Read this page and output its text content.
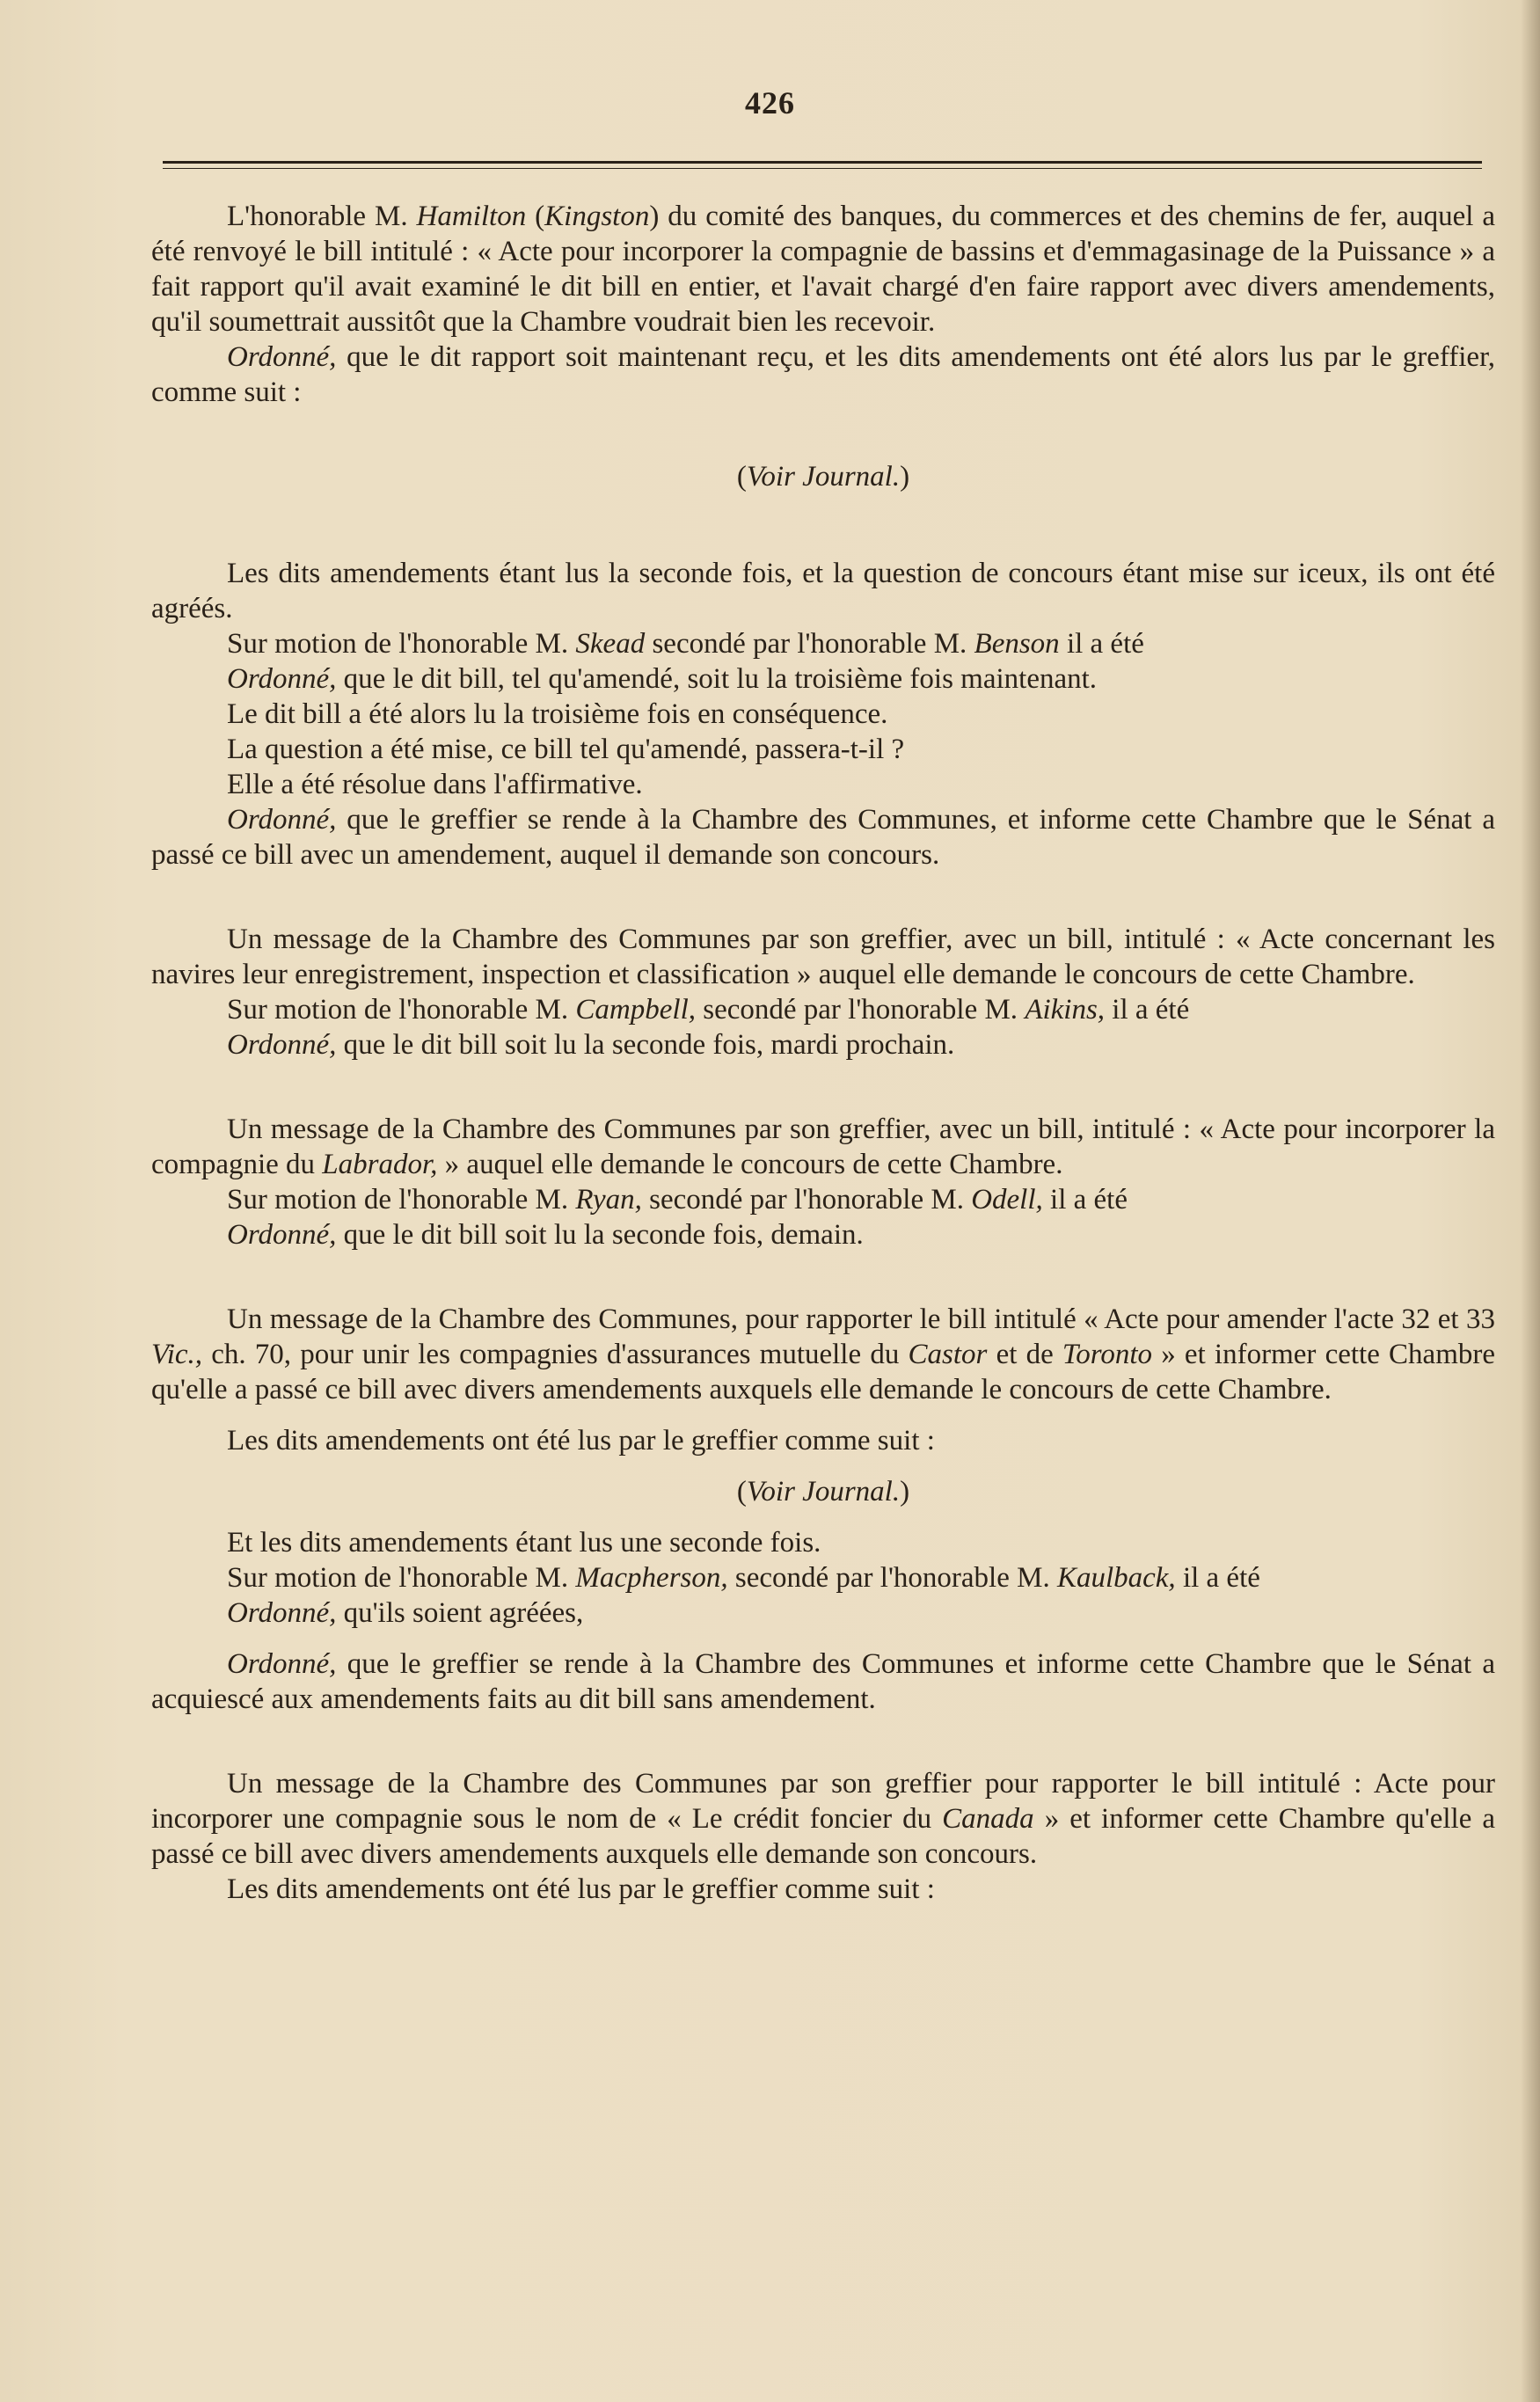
426

L'honorable M. Hamilton (Kingston) du comité des banques, du commerces et des chemins de fer, auquel a été renvoyé le bill intitulé : « Acte pour incorporer la compagnie de bassins et d'emmagasinage de la Puissance » a fait rapport qu'il avait examiné le dit bill en entier, et l'avait chargé d'en faire rapport avec divers amendements, qu'il soumettrait aussitôt que la Chambre voudrait bien les recevoir.

Ordonné, que le dit rapport soit maintenant reçu, et les dits amendements ont été alors lus par le greffier, comme suit :

(Voir Journal.)

Les dits amendements étant lus la seconde fois, et la question de concours étant mise sur iceux, ils ont été agréés.

Sur motion de l'honorable M. Skead secondé par l'honorable M. Benson il a été

Ordonné, que le dit bill, tel qu'amendé, soit lu la troisième fois maintenant.

Le dit bill a été alors lu la troisième fois en conséquence.

La question a été mise, ce bill tel qu'amendé, passera-t-il ?

Elle a été résolue dans l'affirmative.

Ordonné, que le greffier se rende à la Chambre des Communes, et informe cette Chambre que le Sénat a passé ce bill avec un amendement, auquel il demande son concours.

Un message de la Chambre des Communes par son greffier, avec un bill, intitulé : « Acte concernant les navires leur enregistrement, inspection et classification » auquel elle demande le concours de cette Chambre.

Sur motion de l'honorable M. Campbell, secondé par l'honorable M. Aikins, il a été

Ordonné, que le dit bill soit lu la seconde fois, mardi prochain.

Un message de la Chambre des Communes par son greffier, avec un bill, intitulé : « Acte pour incorporer la compagnie du Labrador, » auquel elle demande le concours de cette Chambre.

Sur motion de l'honorable M. Ryan, secondé par l'honorable M. Odell, il a été

Ordonné, que le dit bill soit lu la seconde fois, demain.

Un message de la Chambre des Communes, pour rapporter le bill intitulé « Acte pour amender l'acte 32 et 33 Vic., ch. 70, pour unir les compagnies d'assurances mutuelle du Castor et de Toronto » et informer cette Chambre qu'elle a passé ce bill avec divers amendements auxquels elle demande le concours de cette Chambre.

Les dits amendements ont été lus par le greffier comme suit :

(Voir Journal.)

Et les dits amendements étant lus une seconde fois.

Sur motion de l'honorable M. Macpherson, secondé par l'honorable M. Kaulback, il a été

Ordonné, qu'ils soient agréées,

Ordonné, que le greffier se rende à la Chambre des Communes et informe cette Chambre que le Sénat a acquiescé aux amendements faits au dit bill sans amendement.

Un message de la Chambre des Communes par son greffier pour rapporter le bill intitulé : Acte pour incorporer une compagnie sous le nom de « Le crédit foncier du Canada » et informer cette Chambre qu'elle a passé ce bill avec divers amendements auxquels elle demande son concours.

Les dits amendements ont été lus par le greffier comme suit :
